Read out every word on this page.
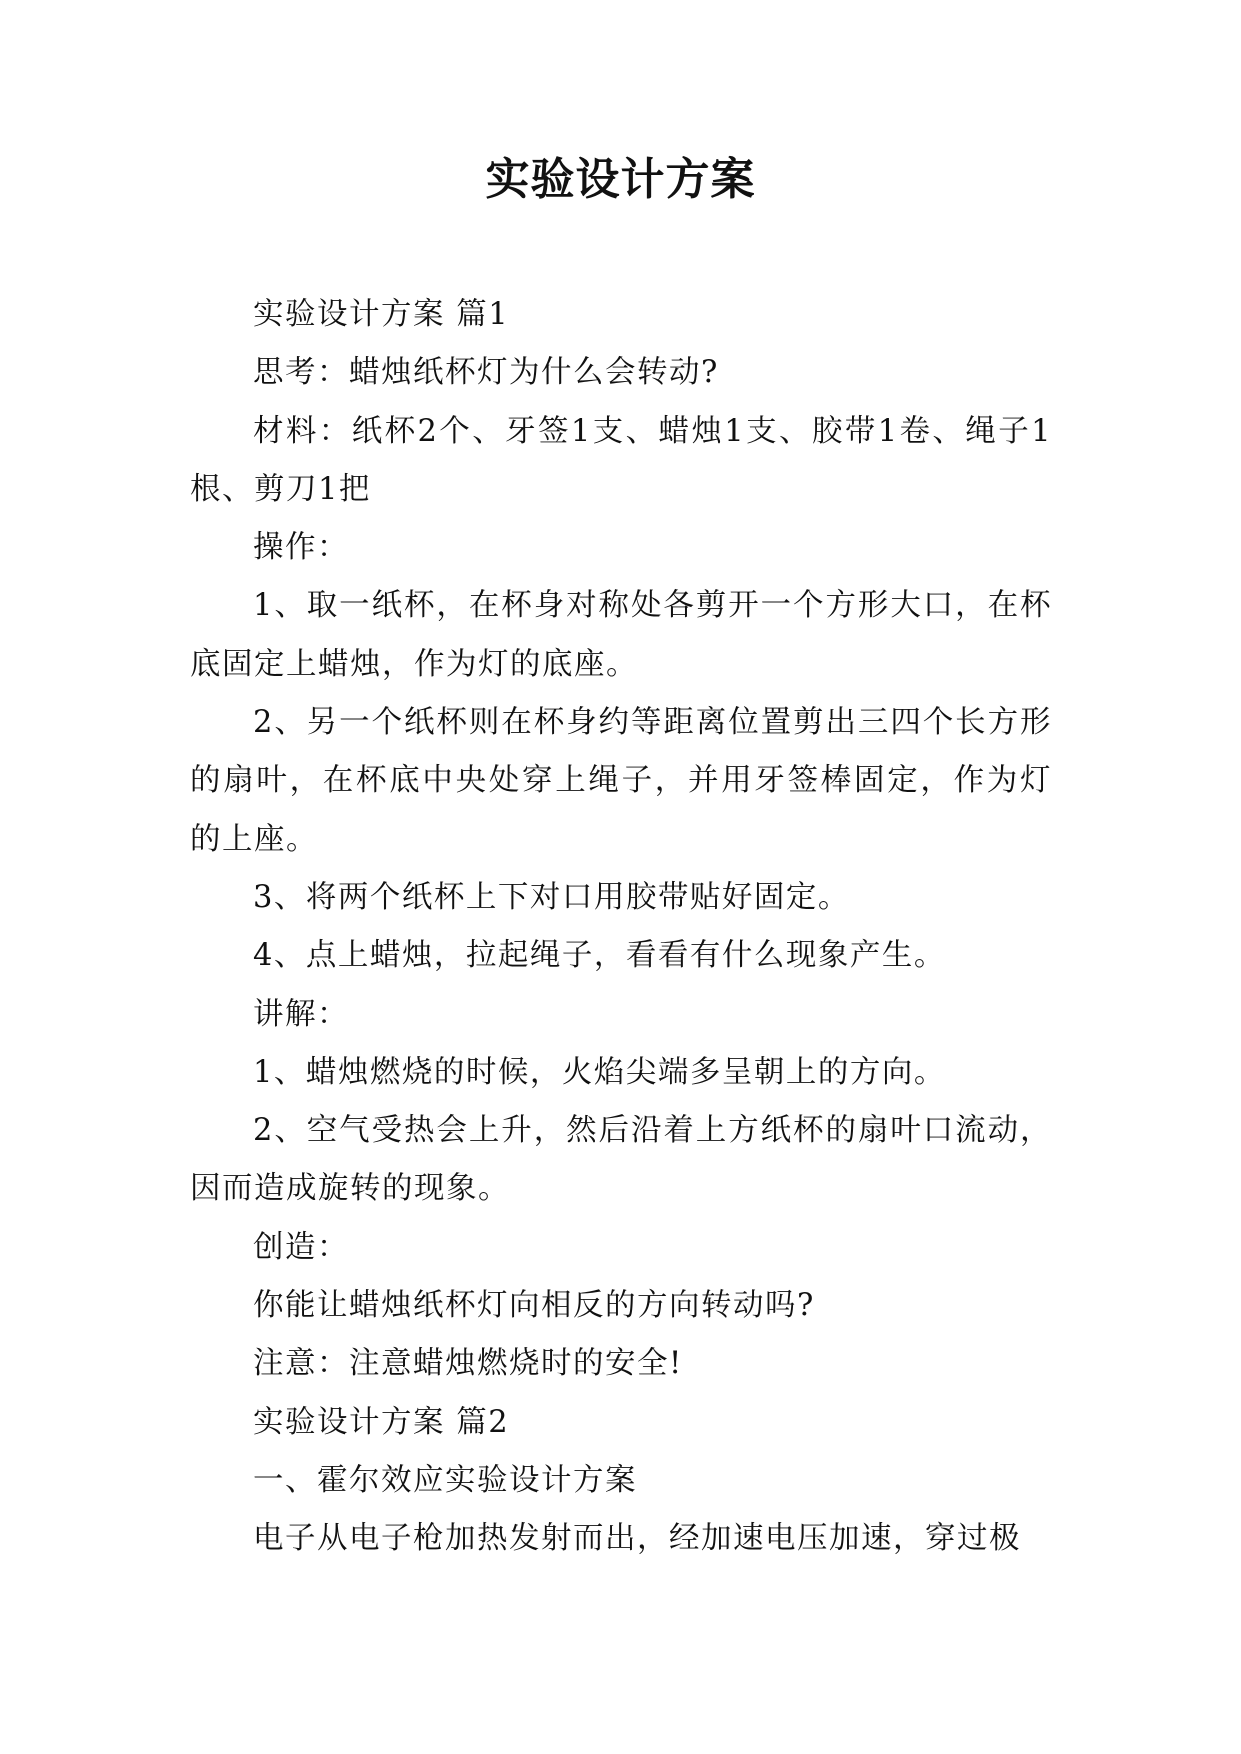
实验设计方案

实验设计方案 篇1

思考：蜡烛纸杯灯为什么会转动?

材料：纸杯2个、牙签1支、蜡烛1支、胶带1卷、绳子1根、剪刀1把

操作：

1、取一纸杯，在杯身对称处各剪开一个方形大口，在杯底固定上蜡烛，作为灯的底座。

2、另一个纸杯则在杯身约等距离位置剪出三四个长方形的扇叶，在杯底中央处穿上绳子，并用牙签棒固定，作为灯的上座。

3、将两个纸杯上下对口用胶带贴好固定。

4、点上蜡烛，拉起绳子，看看有什么现象产生。

讲解：

1、蜡烛燃烧的时候，火焰尖端多呈朝上的方向。

2、空气受热会上升，然后沿着上方纸杯的扇叶口流动，因而造成旋转的现象。

创造：

你能让蜡烛纸杯灯向相反的方向转动吗?

注意：注意蜡烛燃烧时的安全!

实验设计方案 篇2

一、霍尔效应实验设计方案

电子从电子枪加热发射而出，经加速电压加速，穿过极
